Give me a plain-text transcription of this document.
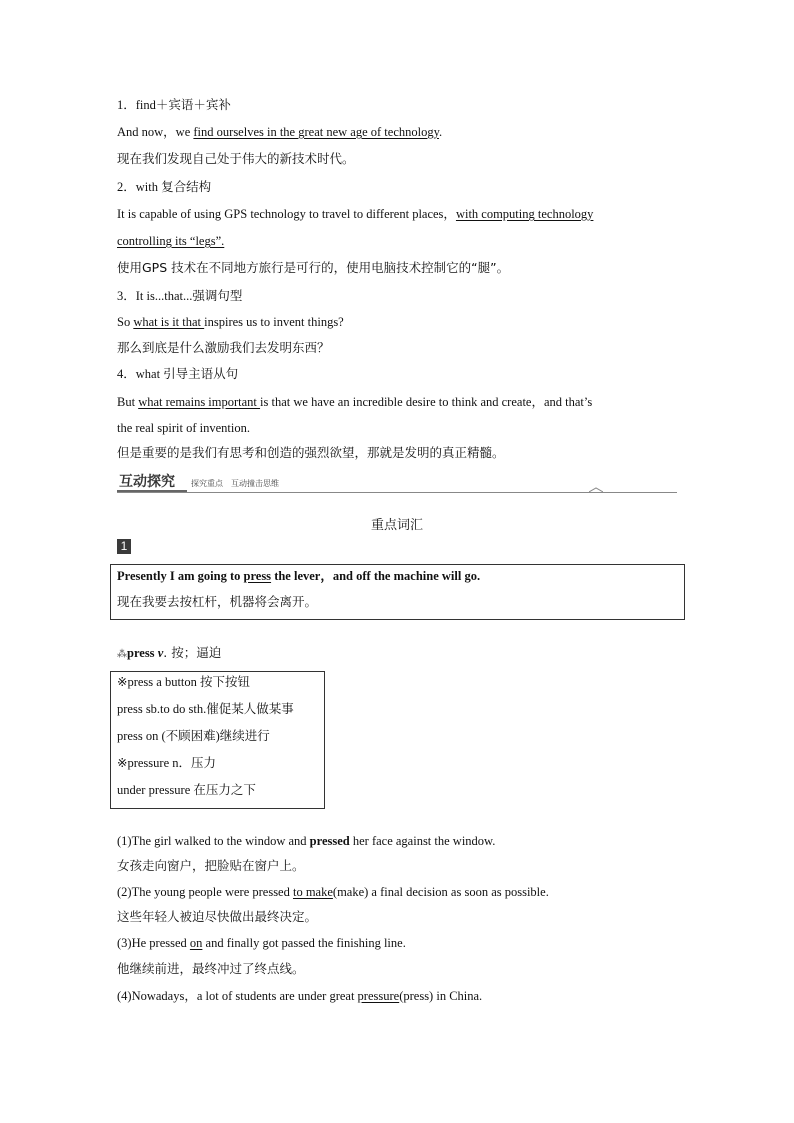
1．find＋宾语＋宾补
And now，we find ourselves in the great new age of technology.
现在我们发现自己处于伟大的新技术时代。
2．with 复合结构
It is capable of using GPS technology to travel to different places，with computing technology
controlling its “legs”.
使用GPS 技术在不同地方旅行是可行的，使用电脑技术控制它的“腿”。
3．It is...that...强调句型
So what is it that inspires us to invent things?
那么到底是什么激励我们去发明东西？
4．what 引导主语从句
But what remains important is that we have an incredible desire to think and create，and that’s
the real spirit of invention.
但是重要的是我们有思考和创造的强烈欲望，那就是发明的真正精髓。
互动探究 探究重点　互动撞击思维
重点词汇
1
Presently I am going to press the lever，and off the machine will go.
现在我要去按杠杆，机器将会离开。
⁂press v. 按；逼迫
※press a button 按下按钮
press sb.to do sth.催促某人做某事
press on (不顾困难)继续进行
※pressure n．压力
under pressure 在压力之下
(1)The girl walked to the window and pressed her face against the window.
女孩走向窗户，把脸贴在窗户上。
(2)The young people were pressed to make(make) a final decision as soon as possible.
这些年轻人被迫尽快做出最终决定。
(3)He pressed on and finally got passed the finishing line.
他继续前进，最终冲过了终点线。
(4)Nowadays，a lot of students are under great pressure(press) in China.
